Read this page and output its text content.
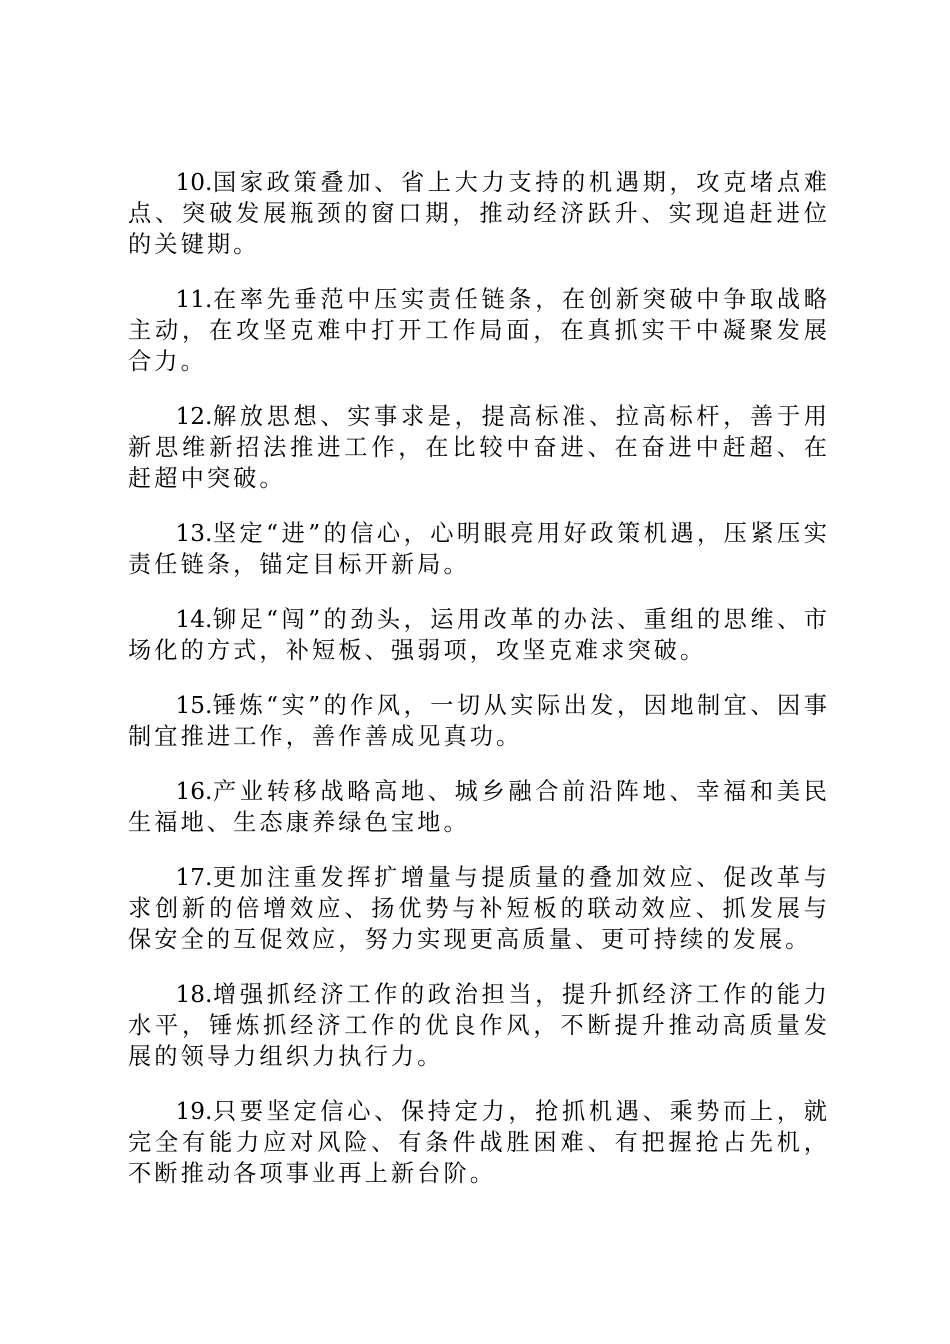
10.国家政策叠加、省上大力支持的机遇期，攻克堵点难点、突破发展瓶颈的窗口期，推动经济跃升、实现追赶进位的关键期。

11.在率先垂范中压实责任链条，在创新突破中争取战略主动，在攻坚克难中打开工作局面，在真抓实干中凝聚发展合力。

12.解放思想、实事求是，提高标准、拉高标杆，善于用新思维新招法推进工作，在比较中奋进、在奋进中赶超、在赶超中突破。

13.坚定“进”的信心，心明眼亮用好政策机遇，压紧压实责任链条，锚定目标开新局。

14.铆足“闯”的劲头，运用改革的办法、重组的思维、市场化的方式，补短板、强弱项，攻坚克难求突破。

15.锤炼“实”的作风，一切从实际出发，因地制宜、因事制宜推进工作，善作善成见真功。

16.产业转移战略高地、城乡融合前沿阵地、幸福和美民生福地、生态康养绿色宝地。

17.更加注重发挥扩增量与提质量的叠加效应、促改革与求创新的倍增效应、扬优势与补短板的联动效应、抓发展与保安全的互促效应，努力实现更高质量、更可持续的发展。

18.增强抓经济工作的政治担当，提升抓经济工作的能力水平，锤炼抓经济工作的优良作风，不断提升推动高质量发展的领导力组织力执行力。

19.只要坚定信心、保持定力，抢抓机遇、乘势而上，就完全有能力应对风险、有条件战胜困难、有把握抢占先机，不断推动各项事业再上新台阶。
